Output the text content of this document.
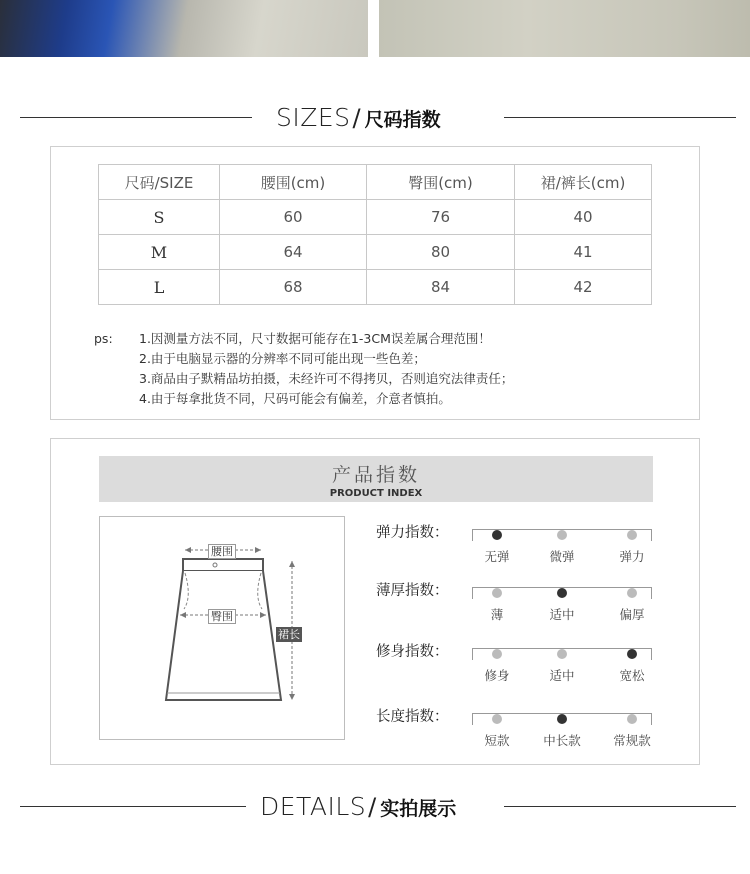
SIZES/ 尺码指数
尺码/SIZE	腰围(cm)	臀围(cm)	裙/裤长(cm)
S	60	76	40
M	64	80	41
L	68	84	42
ps: 1.因测量方法不同，尺寸数据可能存在1-3CM误差属合理范围！
2.由于电脑显示器的分辨率不同可能出现一些色差；
3.商品由子默精品坊拍摄，未经许可不得拷贝，否则追究法律责任；
4.由于每拿批货不同，尺码可能会有偏差，介意者慎拍。
产品指数
PRODUCT INDEX
腰围
臀围
裙长
弹力指数：
无弹	微弹	弹力
薄厚指数：
薄	适中	偏厚
修身指数：
修身	适中	宽松
长度指数：
短款	中长款	常规款
DETAILS/ 实拍展示
